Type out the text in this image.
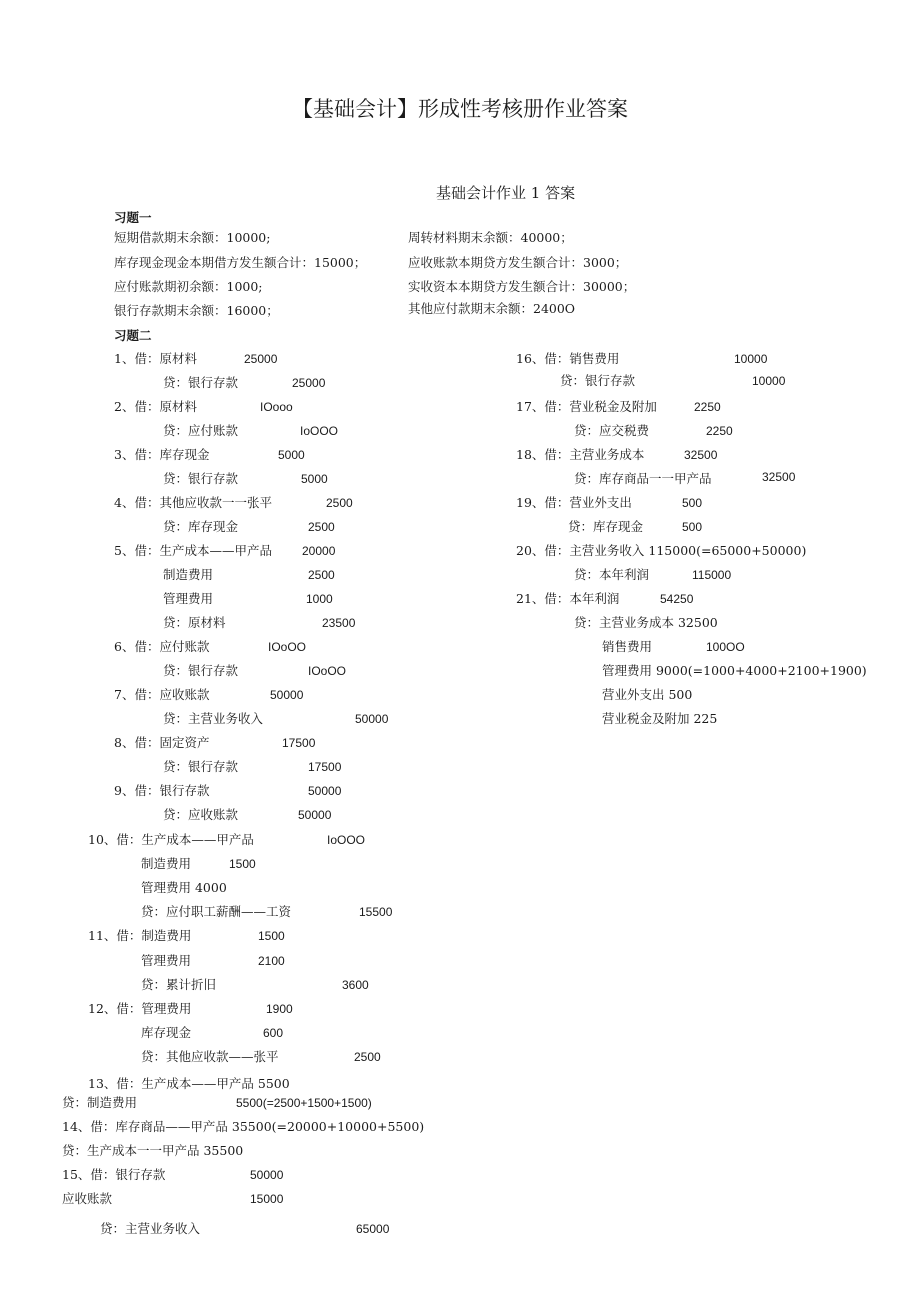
【基础会计】形成性考核册作业答案
基础会计作业 1 答案
习题一
短期借款期末余额：10000;
库存现金现金本期借方发生额合计：15000；
应付账款期初余额：1000;
银行存款期末余额：16000；
周转材料期末余额：40000；
应收账款本期贷方发生额合计：3000；
实收资本本期贷方发生额合计：30000；
其他应付款期末余额：2400O
习题二
1、借：原材料	25000
贷：银行存款	25000
2、借：原材料	IOooo
贷：应付账款	IoOOO
3、借：库存现金	5000
贷：银行存款	5000
4、借：其他应收款一一张平	2500
贷：库存现金	2500
5、借：生产成本——甲产品	20000
制造费用	2500
管理费用	1000
贷：原材料	23500
6、借：应付账款	IOoOO
贷：银行存款	IOoOO
7、借：应收账款	50000
贷：主营业务收入	50000
8、借：固定资产	17500
贷：银行存款	17500
9、借：银行存款	50000
贷：应收账款	50000
10、借：生产成本——甲产品	IoOOO
制造费用	1500
管理费用 4000
贷：应付职工薪酬——工资	15500
11、借：制造费用	1500
管理费用	2100
贷：累计折旧	3600
12、借：管理费用	1900
库存现金	600
贷：其他应收款——张平	2500
13、借：生产成本——甲产品 5500
贷：制造费用	5500(=2500+1500+1500)
14、借：库存商品——甲产品 35500(=20000+10000+5500)
贷：生产成本一一甲产品 35500
15、借：银行存款	50000
应收账款	15000
贷：主营业务收入	65000
16、借：销售费用	10000
贷：银行存款	10000
17、借：营业税金及附加	2250
贷：应交税费	2250
18、借：主营业务成本	32500
贷：库存商品一一甲产品	32500
19、借：营业外支出	500
贷：库存现金	500
20、借：主营业务收入 115000(=65000+50000)
贷：本年利润	115000
21、借：本年利润	54250
贷：主营业务成本 32500
销售费用	100OO
管理费用 9000(=1000+4000+2100+1900)
营业外支出 500
营业税金及附加 225
